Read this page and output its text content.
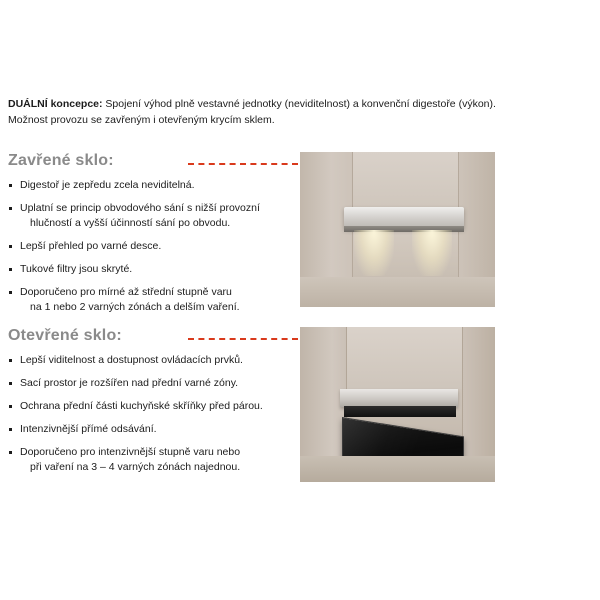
DUÁLNÍ koncepce: Spojení výhod plně vestavné jednotky (neviditelnost) a konvenční digestoře (výkon).
Možnost provozu se zavřeným i otevřeným krycím sklem.
Zavřené sklo:
Digestoř je zepředu zcela neviditelná.
Uplatní se princip obvodového sání s nižší provozní
hlučností a vyšší účinností sání po obvodu.
Lepší přehled po varné desce.
Tukové filtry jsou skryté.
Doporučeno pro mírné až střední stupně varu
na 1 nebo 2 varných zónách a delším vaření.
Otevřené sklo:
Lepší viditelnost a dostupnost ovládacích prvků.
Sací prostor je rozšířen nad přední varné zóny.
Ochrana přední části kuchyňské skříňky před párou.
Intenzivnější přímé odsávání.
Doporučeno pro intenzivnější stupně varu nebo
při vaření na 3 – 4 varných zónách najednou.
